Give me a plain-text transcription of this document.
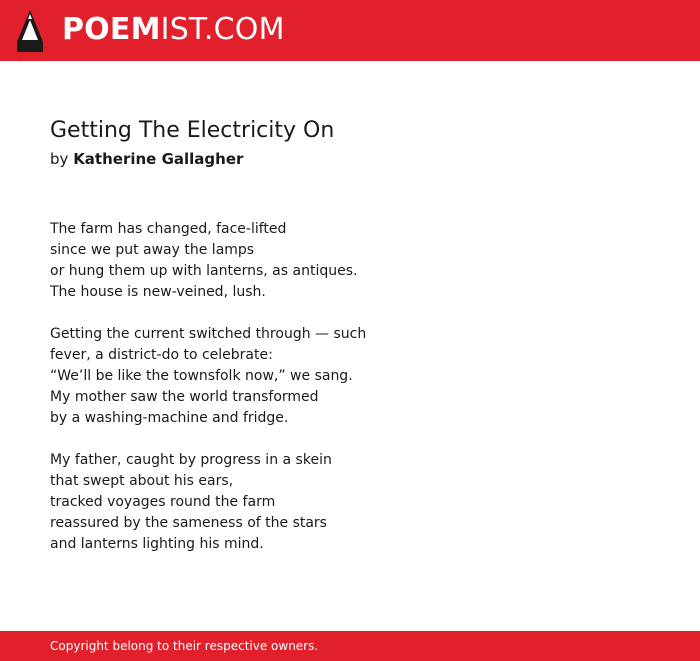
POEMIST.COM
Getting The Electricity On
by Katherine Gallagher
The farm has changed, face-lifted
since we put away the lamps
or hung them up with lanterns, as antiques.
The house is new-veined, lush.
Getting the current switched through — such
fever, a district-do to celebrate:
“We’ll be like the townsfolk now,” we sang.
My mother saw the world transformed
by a washing-machine and fridge.
My father, caught by progress in a skein
that swept about his ears,
tracked voyages round the farm
reassured by the sameness of the stars
and lanterns lighting his mind.
Copyright belong to their respective owners.
